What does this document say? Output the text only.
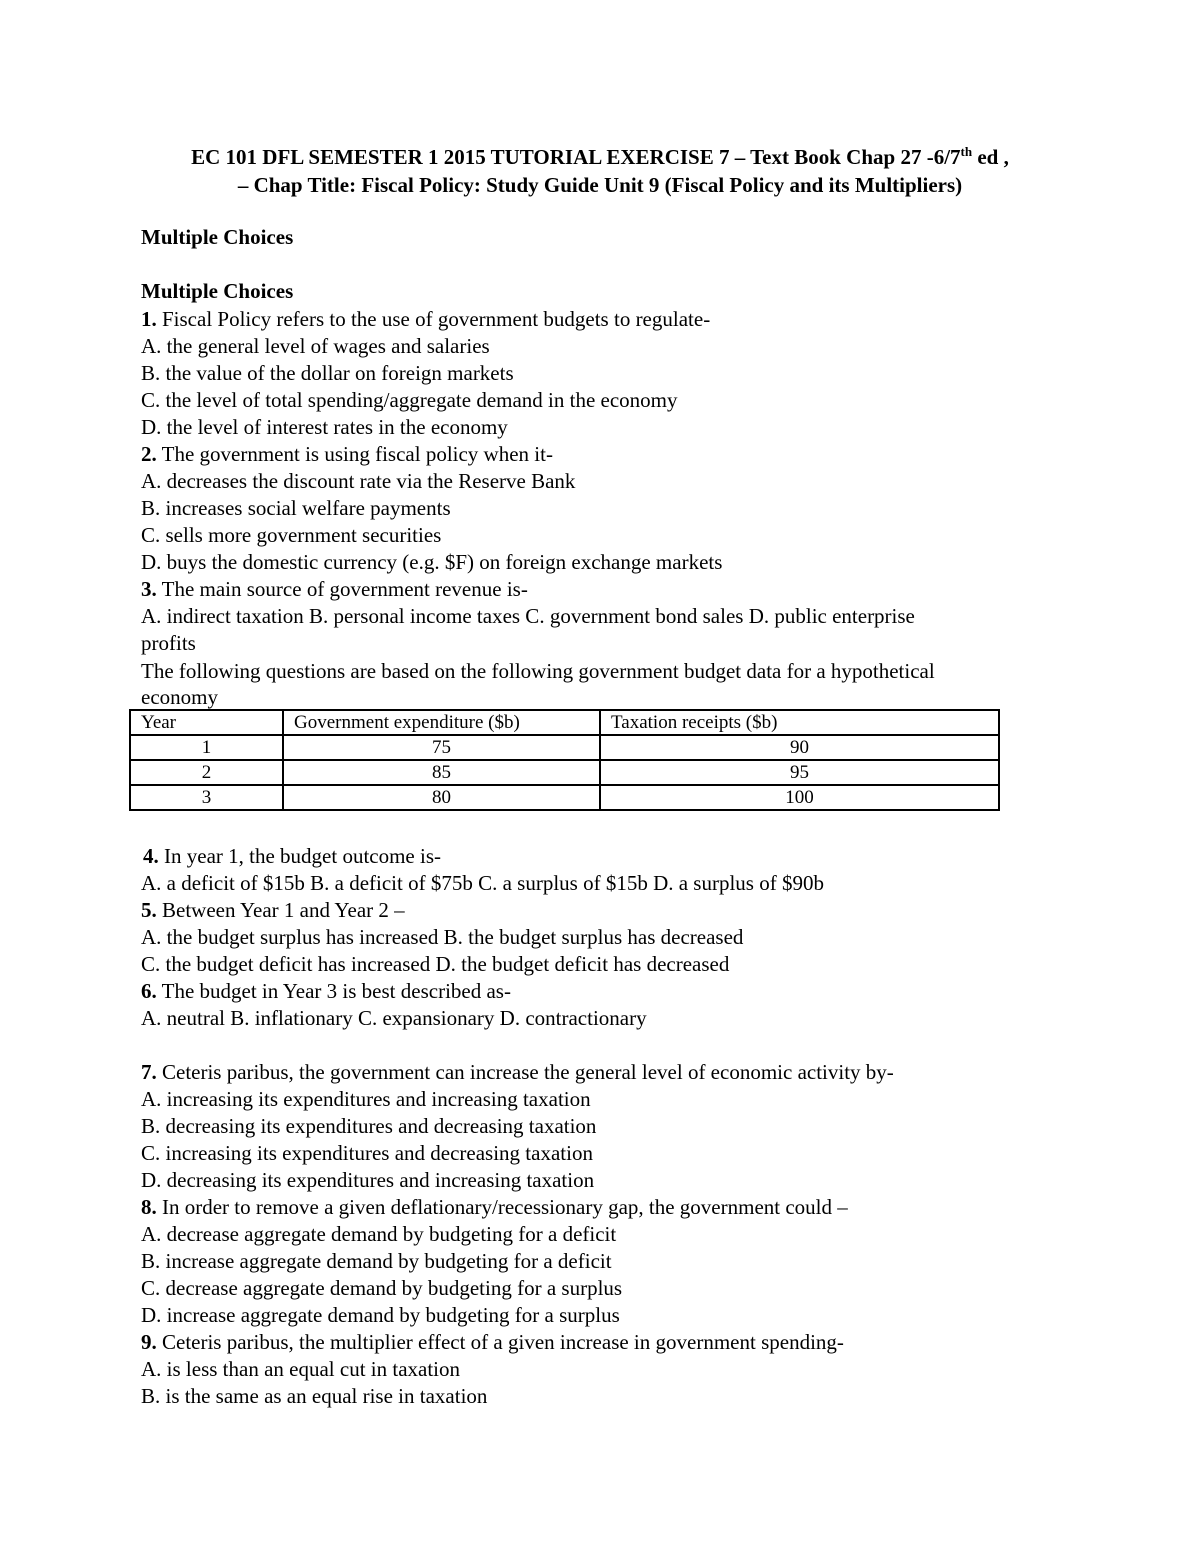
EC 101 DFL SEMESTER 1 2015 TUTORIAL EXERCISE 7 – Text Book Chap 27 -6/7th ed ,
– Chap Title: Fiscal Policy: Study Guide Unit 9 (Fiscal Policy and its Multipliers)
Multiple Choices
Multiple Choices
1. Fiscal Policy refers to the use of government budgets to regulate-
A. the general level of wages and salaries
B. the value of the dollar on foreign markets
C. the level of total spending/aggregate demand in the economy
D. the level of interest rates in the economy
2. The government is using fiscal policy when it-
A. decreases the discount rate via the Reserve Bank
B. increases social welfare payments
C. sells more government securities
D. buys the domestic currency (e.g. $F) on foreign exchange markets
3. The main source of government revenue is-
A. indirect taxation B. personal income taxes C. government bond sales D. public enterprise
profits
The following questions are based on the following government budget data for a hypothetical
economy
Year	Government expenditure ($b)	Taxation receipts ($b)
1	75	90
2	85	95
3	80	100
4. In year 1, the budget outcome is-
A. a deficit of $15b B. a deficit of $75b C. a surplus of $15b D. a surplus of $90b
5. Between Year 1 and Year 2 –
A. the budget surplus has increased B. the budget surplus has decreased
C. the budget deficit has increased D. the budget deficit has decreased
6. The budget in Year 3 is best described as-
A. neutral B. inflationary C. expansionary D. contractionary
7. Ceteris paribus, the government can increase the general level of economic activity by-
A. increasing its expenditures and increasing taxation
B. decreasing its expenditures and decreasing taxation
C. increasing its expenditures and decreasing taxation
D. decreasing its expenditures and increasing taxation
8. In order to remove a given deflationary/recessionary gap, the government could –
A. decrease aggregate demand by budgeting for a deficit
B. increase aggregate demand by budgeting for a deficit
C. decrease aggregate demand by budgeting for a surplus
D. increase aggregate demand by budgeting for a surplus
9. Ceteris paribus, the multiplier effect of a given increase in government spending-
A. is less than an equal cut in taxation
B. is the same as an equal rise in taxation
